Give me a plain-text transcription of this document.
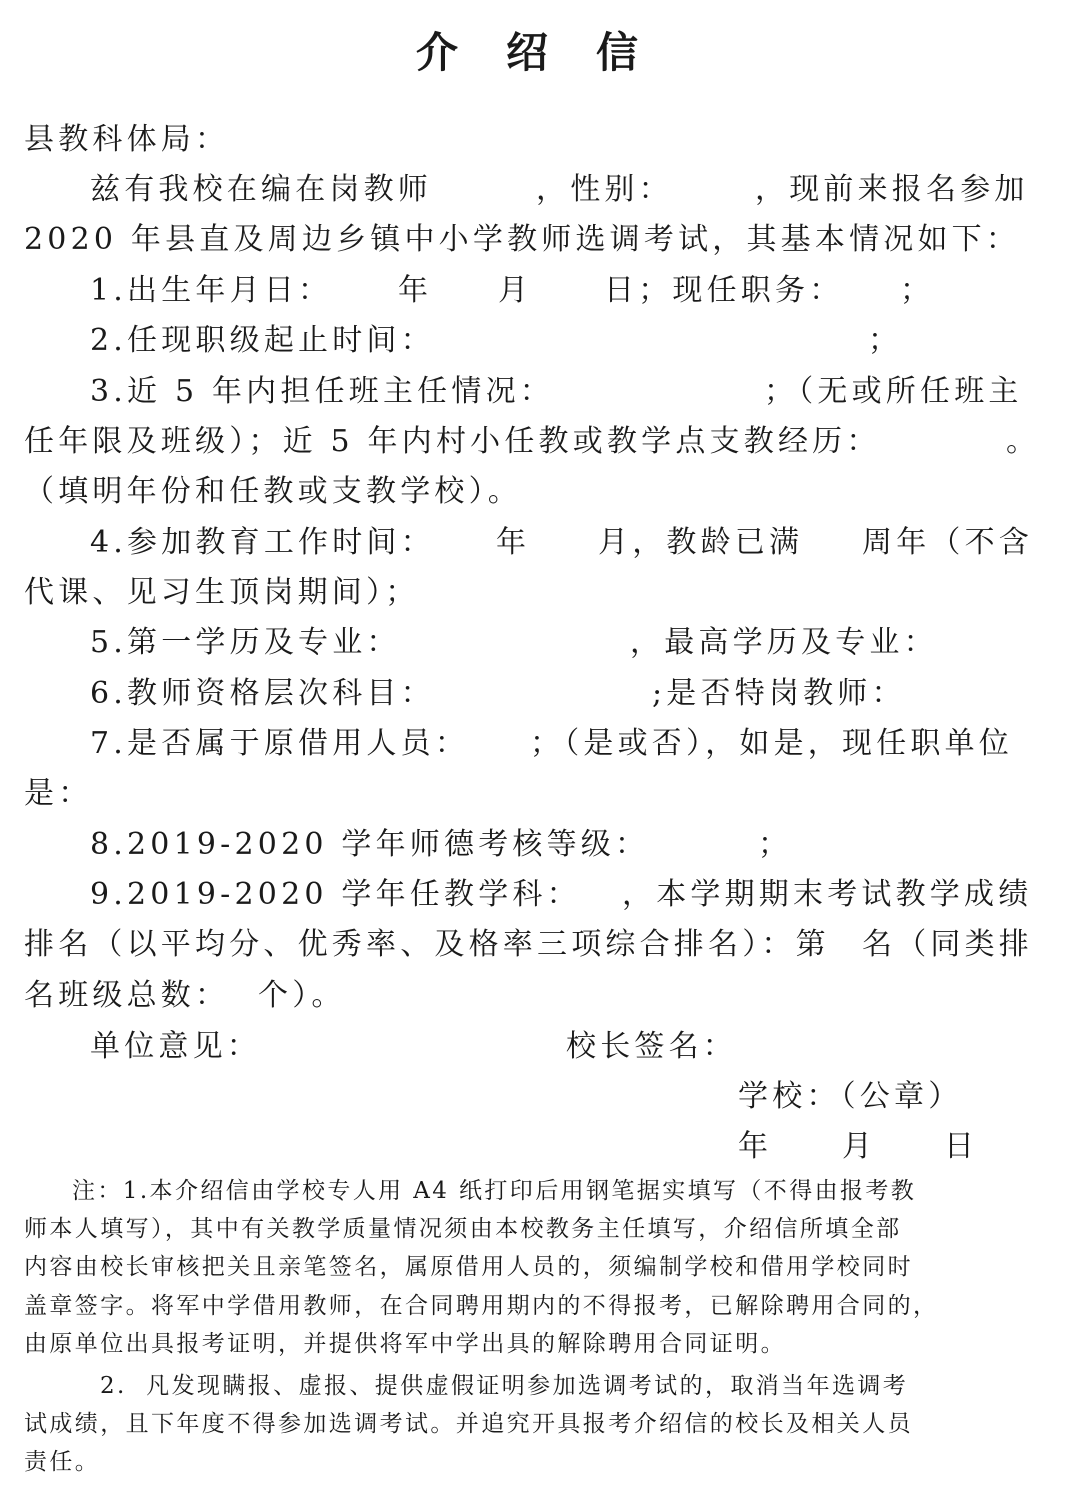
介绍信
县教科体局：
兹有我校在编在岗教师	，性别：	，现前来报名参加
2020 年县直及周边乡镇中小学教师选调考试，其基本情况如下：
1.出生年月日： 年 月 日；现任职务： ；
2.任现职级起止时间：	；
3.近 5 年内担任班主任情况：	；（无或所任班主
任年限及班级）；近 5 年内村小任教或教学点支教经历：	。
（填明年份和任教或支教学校）。
4.参加教育工作时间： 年 月，教龄已满 周年（不含
代课、见习生顶岗期间）；
5.第一学历及专业：	，最高学历及专业：
6.教师资格层次科目：	;是否特岗教师：
7.是否属于原借用人员： ；（是或否），如是，现任职单位
是：
8.2019-2020 学年师德考核等级：	；
9.2019-2020 学年任教学科： ，本学期期末考试教学成绩
排名（以平均分、优秀率、及格率三项综合排名）：第 名（同类排
名班级总数： 个）。
单位意见：	校长签名：
学校：（公章）
年 月 日
注：1.本介绍信由学校专人用 A4 纸打印后用钢笔据实填写（不得由报考教
师本人填写），其中有关教学质量情况须由本校教务主任填写，介绍信所填全部
内容由校长审核把关且亲笔签名，属原借用人员的，须编制学校和借用学校同时
盖章签字。将军中学借用教师，在合同聘用期内的不得报考，已解除聘用合同的，
由原单位出具报考证明，并提供将军中学出具的解除聘用合同证明。
2.  凡发现瞒报、虚报、提供虚假证明参加选调考试的，取消当年选调考
试成绩，且下年度不得参加选调考试。并追究开具报考介绍信的校长及相关人员
责任。
